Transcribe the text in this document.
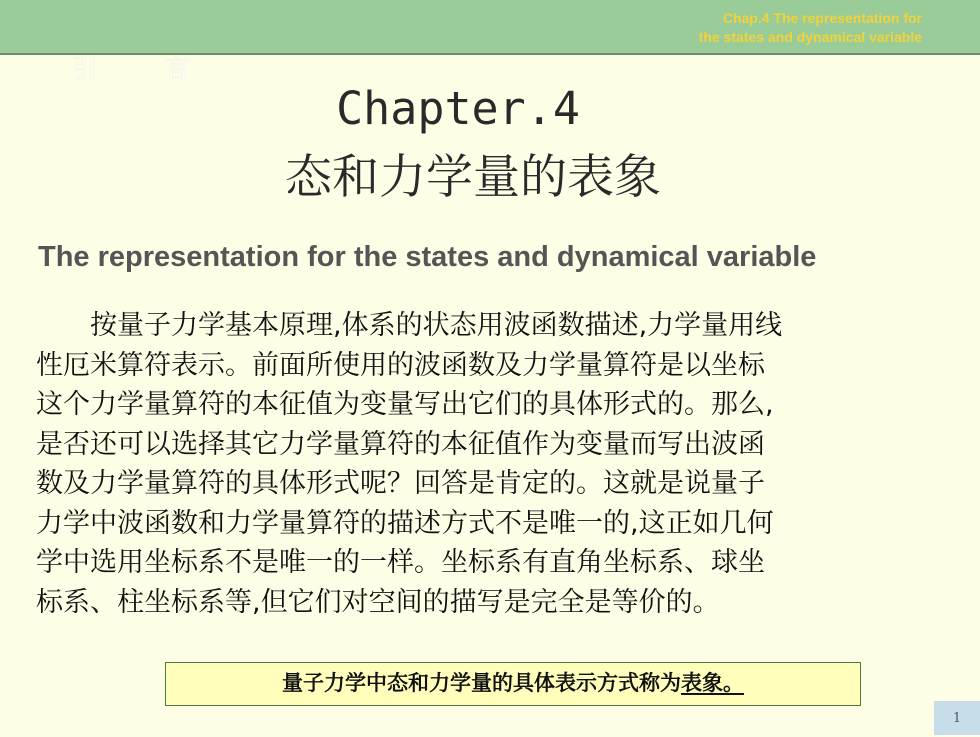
Chap.4 The representation for
the states and dynamical variable
引 言
Chapter.4
态和力学量的表象
The representation for the states and dynamical variable
按量子力学基本原理,体系的状态用波函数描述,力学量用线
性厄米算符表示。前面所使用的波函数及力学量算符是以坐标
这个力学量算符的本征值为变量写出它们的具体形式的。那么,
是否还可以选择其它力学量算符的本征值作为变量而写出波函
数及力学量算符的具体形式呢？回答是肯定的。这就是说量子
力学中波函数和力学量算符的描述方式不是唯一的,这正如几何
学中选用坐标系不是唯一的一样。坐标系有直角坐标系、球坐
标系、柱坐标系等,但它们对空间的描写是完全是等价的。
量子力学中态和力学量的具体表示方式称为表象。
1
